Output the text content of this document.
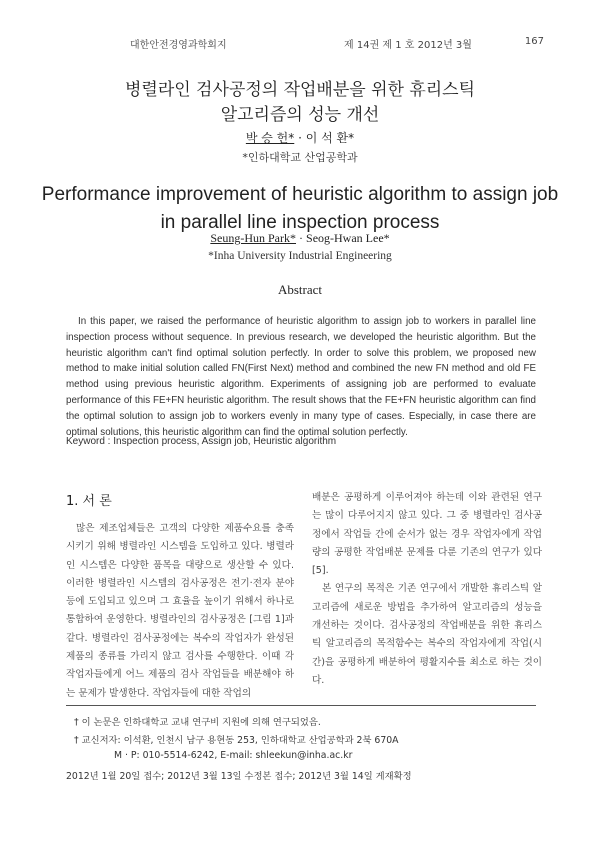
대한안전경영과학회지	제 14권 제 1 호 2012년 3월	167
병렬라인 검사공정의 작업배분을 위한 휴리스틱
알고리즘의 성능 개선
박 승 헌* · 이 석 환*
*인하대학교 산업공학과
Performance improvement of heuristic algorithm to assign job
in parallel line inspection process
Seung-Hun Park* · Seog-Hwan Lee*
*Inha University Industrial Engineering
Abstract

In this paper, we raised the performance of heuristic algorithm to assign job to workers in parallel line inspection process without sequence. In previous research, we developed the heuristic algorithm. But the heuristic algorithm can't find optimal solution perfectly. In order to solve this problem, we proposed new method to make initial solution called FN(First Next) method and combined the new FN method and old FE method using previous heuristic algorithm. Experiments of assigning job are performed to evaluate performance of this FE+FN heuristic algorithm. The result shows that the FE+FN heuristic algorithm can find the optimal solution to assign job to workers evenly in many type of cases. Especially, in case there are optimal solutions, this heuristic algorithm can find the optimal solution perfectly.

Keyword : Inspection process, Assign job, Heuristic algorithm
1. 서 론

많은 제조업체들은 고객의 다양한 제품수요를 충족시키기 위해 병렬라인 시스템을 도입하고 있다. 병렬라인 시스템은 다양한 품목을 대량으로 생산할 수 있다. 이러한 병렬라인 시스템의 검사공정은 전기·전자 분야 등에 도입되고 있으며 그 효율을 높이기 위해서 하나로 통합하여 운영한다. 병렬라인의 검사공정은 [그림 1]과 같다. 병렬라인 검사공정에는 복수의 작업자가 완성된 제품의 종류를 가리지 않고 검사를 수행한다. 이때 각 작업자들에게 어느 제품의 검사 작업들을 배분해야 하는 문제가 발생한다. 작업자들에 대한 작업의

배분은 공평하게 이루어져야 하는데 이와 관련된 연구는 많이 다루어지지 않고 있다. 그 중 병렬라인 검사공정에서 작업들 간에 순서가 없는 경우 작업자에게 작업량의 공평한 작업배분 문제를 다룬 기존의 연구가 있다[5].

본 연구의 목적은 기존 연구에서 개발한 휴리스틱 알고리즘에 새로운 방법을 추가하여 알고리즘의 성능을 개선하는 것이다. 검사공정의 작업배분을 위한 휴리스틱 알고리즘의 목적함수는 복수의 작업자에게 작업(시간)을 공평하게 배분하여 평활지수를 최소로 하는 것이다.

† 이 논문은 인하대학교 교내 연구비 지원에 의해 연구되었음.
† 교신저자: 이석환, 인천시 남구 용현동 253, 인하대학교 산업공학과 2북 670A
M · P: 010-5514-6242, E-mail: shleekun@inha.ac.kr
2012년 1월 20일 접수; 2012년 3월 13일 수정본 접수; 2012년 3월 14일 게재확정
